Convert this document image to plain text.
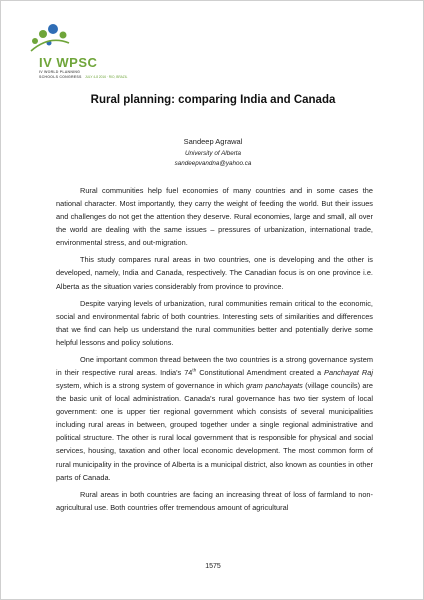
IV WPSC
IV WORLD PLANNING
SCHOOLS CONGRESS JULY 4-8 2016 · RIO, BRAZIL
Rural planning: comparing India and Canada
Sandeep Agrawal
University of Alberta
sandeepvandna@yahoo.ca

Rural communities help fuel economies of many countries and in some cases the national character. Most importantly, they carry the weight of feeding the world. But their issues and challenges do not get the attention they deserve. Rural economies, large and small, all over the world are dealing with the same issues – pressures of urbanization, international trade, environmental stress, and out-migration.

This study compares rural areas in two countries, one is developing and the other is developed, namely, India and Canada, respectively. The Canadian focus is on one province i.e. Alberta as the situation varies considerably from province to province.

Despite varying levels of urbanization, rural communities remain critical to the economic, social and environmental fabric of both countries. Interesting sets of similarities and differences that we find can help us understand the rural communities better and potentially derive some helpful lessons and policy solutions.

One important common thread between the two countries is a strong governance system in their respective rural areas. India's 74th Constitutional Amendment created a Panchayat Raj system, which is a strong system of governance in which gram panchayats (village councils) are the basic unit of local administration. Canada's rural governance has two tier system of local government: one is upper tier regional government which consists of several municipalities including rural areas in between, grouped together under a single regional administrative and political structure. The other is rural local government that is responsible for physical and social services, housing, taxation and other local economic development. The most common form of rural municipality in the province of Alberta is a municipal district, also known as counties in other parts of Canada.

Rural areas in both countries are facing an increasing threat of loss of farmland to non-agricultural use. Both countries offer tremendous amount of agricultural

1575
